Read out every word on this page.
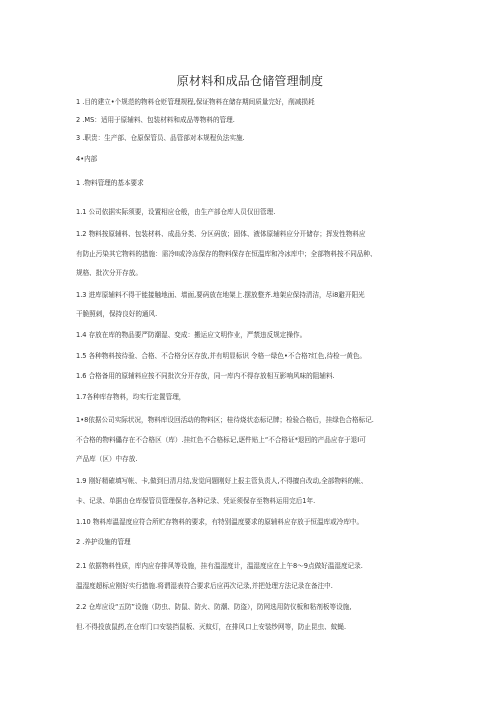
原材料和成品仓储管理制度
1 .目的建立•个规范的物料仓贬管理规程,保证物料在储存期间质量完好，削减损耗
2 .MS：适用于原辅料、包装材料和成品等物料的管理.
3 .职贵：生产部、仓原保管员、品管部对本规程负法实施.
4•内部
1 .物料管理的基本要求
1.1 公司依据实际须要，设置相应仓般，由生产部仓库人员仅田管理.
1.2 物料按原辅料、包装材料、成品分类、分区码放；固体、液体原辅料应分开储存；挥发性物料应
有防止污染其它物料的措施：需冷II或冷冻保存的物料保存在恒温库和冷冰库中；全部物料按不同品种、
规格、批次分开存放。
1.3 进库原辅料不得干能接触地面、墙面,要码放在地架上.摆放整齐.地架应保持清洁，尽i8避开阳光
干脆照刺，保持良好的通风.
1.4 存放在库的物品要严防潮湿、变成：搬运应文明作业，严禁违反规定操作。
1.5 各种物料按待验、合格、不合格分区存放,并有明显标识 令格一绿色•不合格?红色,待检一黄色。
1.6 合格备用的原辅料应按不同批次分开存放，同一库内不得存放相互影响风味的阻辅料.
1.7各种库存物料，均实行定置管理，
1•8依据公司实际状况，物料库设回活动的物料区；桂待烧状态标记牌；检验合格后，挂绿色合格标记.
不合格的物料儡存在不合格区（库）.挂红色不合格标记,逐件贴上“不合格证*退回的产品应存于退I可
产品库（区）中存放.
1.9 刚好精確填写帐、卡,做到日清月结,发觉问题刚好上报主管负责人,不得擅自改动,全部物料的帐、
卡、记录、单据由仓库保管员管理保存,各种记录、凭证须保存至物料运用完后1年.
1.10 物料库温湿度应符合所贮存物料的要求，有特别温度要求的原辅料应存放于恒温库或冷库中。
2 .养护设施的管理
2.1 依据物料性质，库内应存排风等设施，挂有温湿度计，温湿度应在上午8〜9点做好温湿度记录.
温湿度超标应刚好实行措施.将谓湿表符合要求后应再次记录,并把处理方法记录在备注中.
2.2 仓库应设“五防”设施（防虫、防鼠、防火、防潮、防盗），防网选用防仪板和粘剂板等设施,
但.不得投放鼠药,在仓库门口安装挡鼠板、灭蚊灯，在排风口上安装纱网等，防止昆虫、蚊蝇.
